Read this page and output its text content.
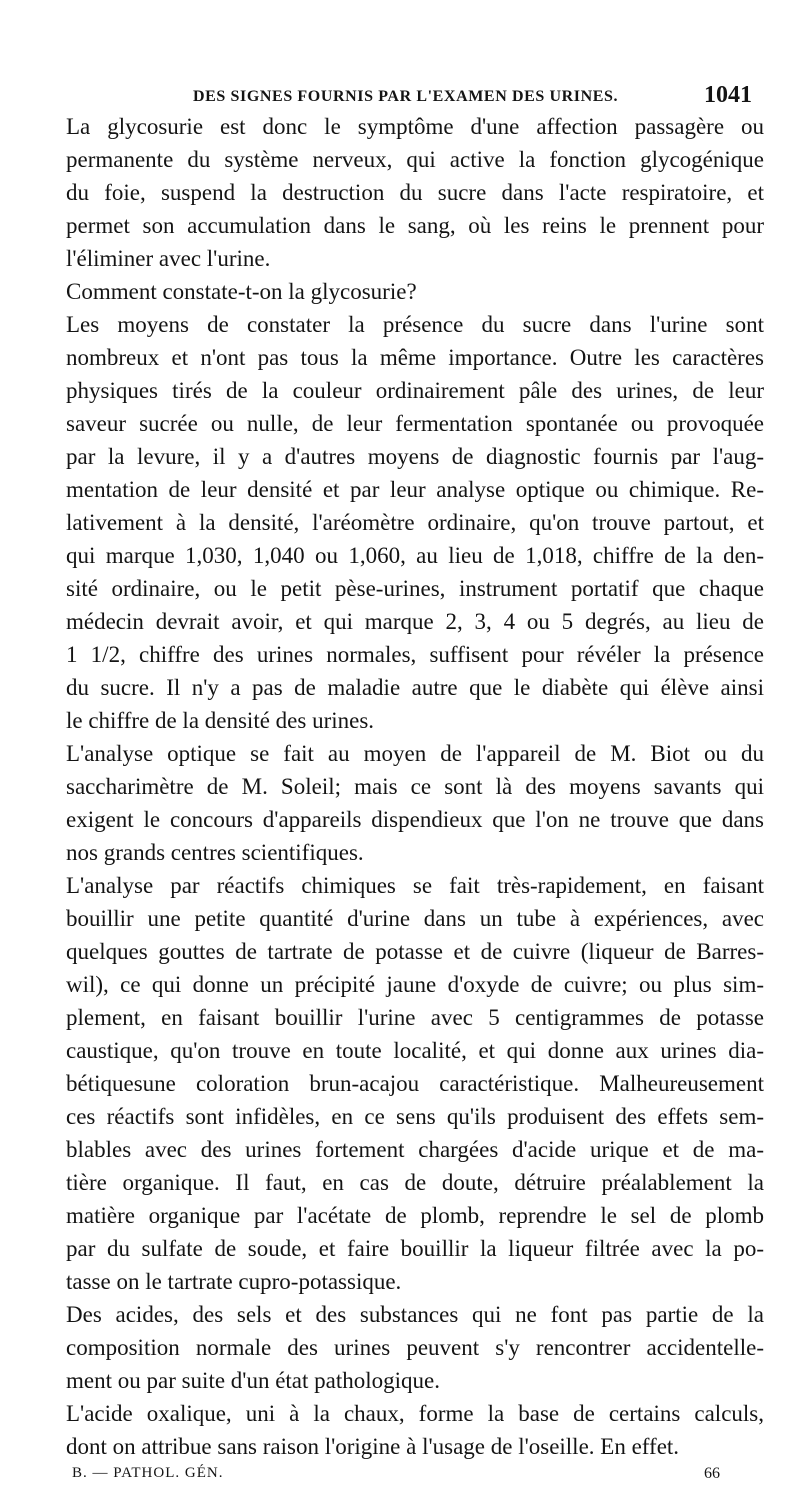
DES SIGNES FOURNIS PAR L'EXAMEN DES URINES.	1041

La glycosurie est donc le symptôme d'une affection passagère ou
permanente du système nerveux, qui active la fonction glycogénique
du foie, suspend la destruction du sucre dans l'acte respiratoire, et
permet son accumulation dans le sang, où les reins le prennent pour
l'éliminer avec l'urine.

Comment constate-t-on la glycosurie?

Les moyens de constater la présence du sucre dans l'urine sont
nombreux et n'ont pas tous la même importance. Outre les caractères
physiques tirés de la couleur ordinairement pâle des urines, de leur
saveur sucrée ou nulle, de leur fermentation spontanée ou provoquée
par la levure, il y a d'autres moyens de diagnostic fournis par l'aug-
mentation de leur densité et par leur analyse optique ou chimique. Re-
lativement à la densité, l'aréomètre ordinaire, qu'on trouve partout, et
qui marque 1,030, 1,040 ou 1,060, au lieu de 1,018, chiffre de la den-
sité ordinaire, ou le petit pèse-urines, instrument portatif que chaque
médecin devrait avoir, et qui marque 2, 3, 4 ou 5 degrés, au lieu de
1 1/2, chiffre des urines normales, suffisent pour révéler la présence
du sucre. Il n'y a pas de maladie autre que le diabète qui élève ainsi
le chiffre de la densité des urines.

L'analyse optique se fait au moyen de l'appareil de M. Biot ou du
saccharimètre de M. Soleil; mais ce sont là des moyens savants qui
exigent le concours d'appareils dispendieux que l'on ne trouve que dans
nos grands centres scientifiques.

L'analyse par réactifs chimiques se fait très-rapidement, en faisant
bouillir une petite quantité d'urine dans un tube à expériences, avec
quelques gouttes de tartrate de potasse et de cuivre (liqueur de Barres-
wil), ce qui donne un précipité jaune d'oxyde de cuivre; ou plus sim-
plement, en faisant bouillir l'urine avec 5 centigrammes de potasse
caustique, qu'on trouve en toute localité, et qui donne aux urines dia-
bétiquesune coloration brun-acajou caractéristique. Malheureusement
ces réactifs sont infidèles, en ce sens qu'ils produisent des effets sem-
blables avec des urines fortement chargées d'acide urique et de ma-
tière organique. Il faut, en cas de doute, détruire préalablement la
matière organique par l'acétate de plomb, reprendre le sel de plomb
par du sulfate de soude, et faire bouillir la liqueur filtrée avec la po-
tasse on le tartrate cupro-potassique.

Des acides, des sels et des substances qui ne font pas partie de la
composition normale des urines peuvent s'y rencontrer accidentelle-
ment ou par suite d'un état pathologique.

L'acide oxalique, uni à la chaux, forme la base de certains calculs,
dont on attribue sans raison l'origine à l'usage de l'oseille. En effet.

B. — PATHOL. GÉN.	66
